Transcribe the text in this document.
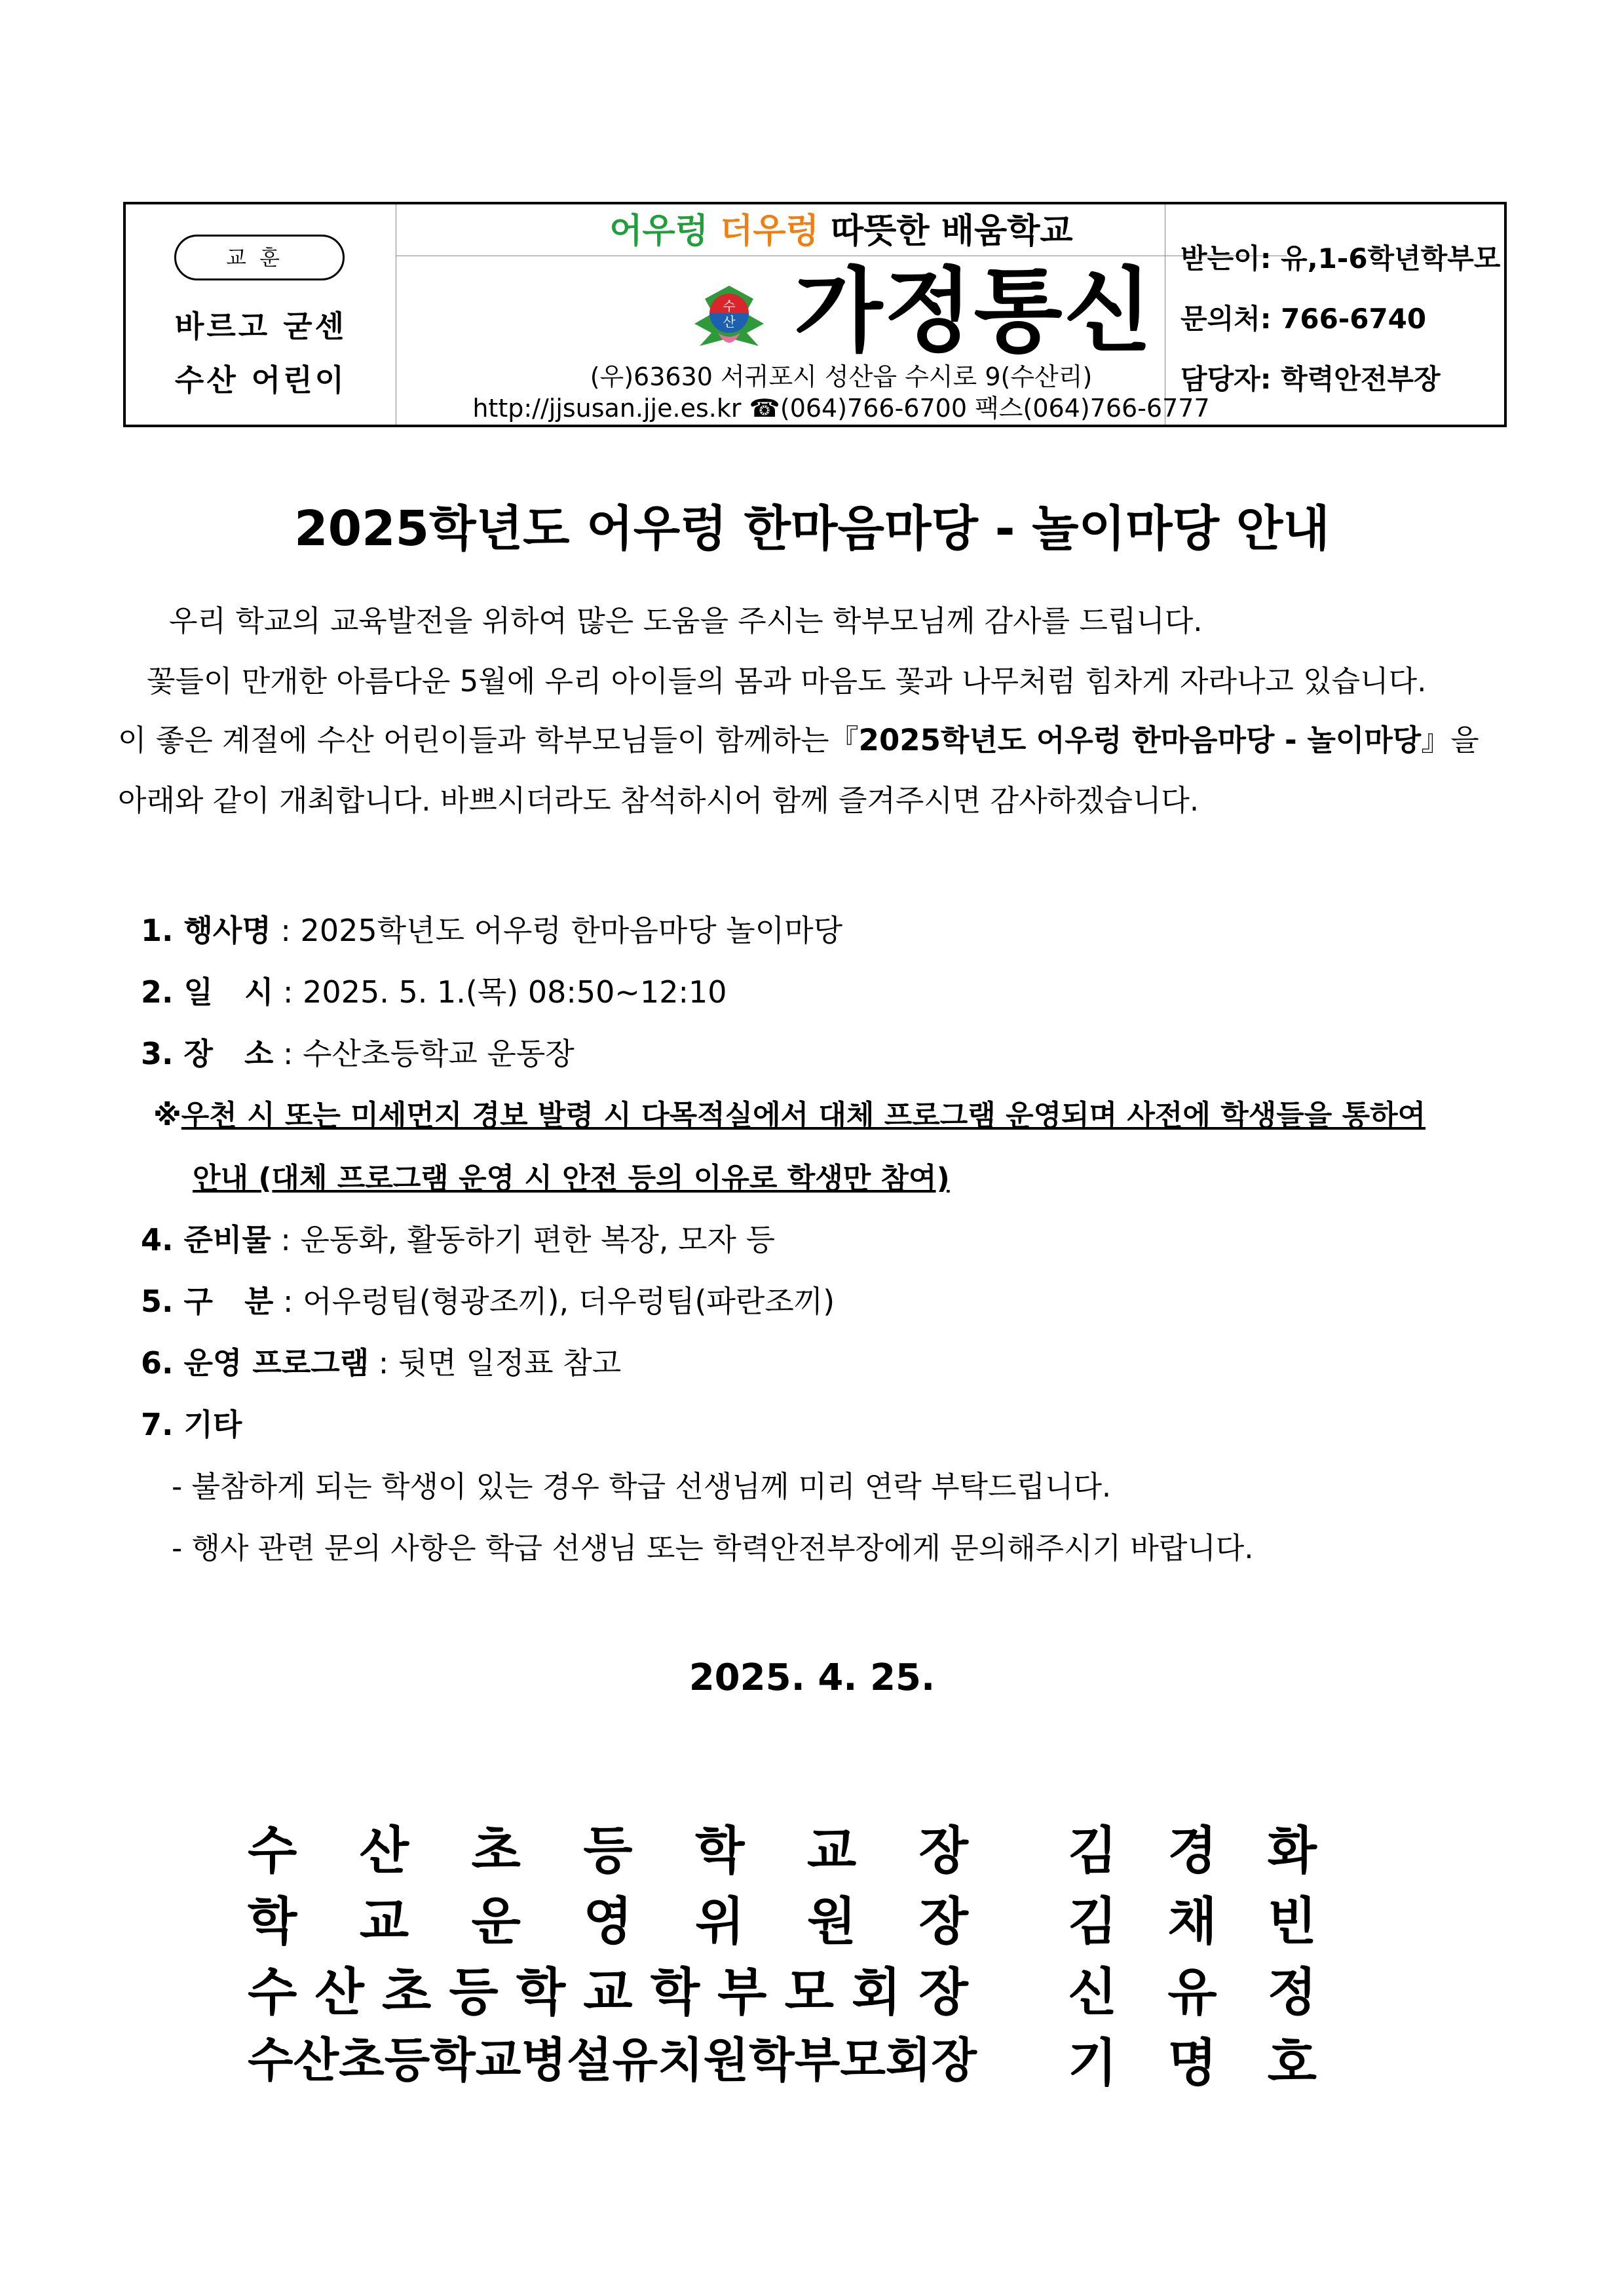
교훈
바르고 굳센
수산 어린이
어우렁 더우렁 따뜻한 배움학교
수
산 가정통신
(우)63630 서귀포시 성산읍 수시로 9(수산리)
http://jjsusan.jje.es.kr ☎(064)766-6700 팩스(064)766-6777
받는이: 유,1-6학년학부모
문의처: 766-6740
담당자: 학력안전부장
2025학년도 어우렁 한마음마당 - 놀이마당 안내
우리 학교의 교육발전을 위하여 많은 도움을 주시는 학부모님께 감사를 드립니다.
꽃들이 만개한 아름다운 5월에 우리 아이들의 몸과 마음도 꽃과 나무처럼 힘차게 자라나고 있습니다.
이 좋은 계절에 수산 어린이들과 학부모님들이 함께하는『2025학년도 어우렁 한마음마당 - 놀이마당』을
아래와 같이 개최합니다. 바쁘시더라도 참석하시어 함께 즐겨주시면 감사하겠습니다.
1. 행사명 : 2025학년도 어우렁 한마음마당 놀이마당
2. 일   시 : 2025. 5. 1.(목) 08:50~12:10
3. 장   소 : 수산초등학교 운동장
※우천 시 또는 미세먼지 경보 발령 시 다목적실에서 대체 프로그램 운영되며 사전에 학생들을 통하여
안내 (대체 프로그램 운영 시 안전 등의 이유로 학생만 참여)
4. 준비물 : 운동화, 활동하기 편한 복장, 모자 등
5. 구   분 : 어우렁팀(형광조끼), 더우렁팀(파란조끼)
6. 운영 프로그램 : 뒷면 일정표 참고
7. 기타
- 불참하게 되는 학생이 있는 경우 학급 선생님께 미리 연락 부탁드립니다.
- 행사 관련 문의 사항은 학급 선생님 또는 학력안전부장에게 문의해주시기 바랍니다.
2025. 4. 25.
수 산 초 등 학 교 장 김 경 화
학 교 운 영 위 원 장 김 채 빈
수 산 초 등 학 교 학 부 모 회 장 신 유 정
수 산 초 등 학 교 병 설 유 치 원 학 부 모 회 장 기 명 호
